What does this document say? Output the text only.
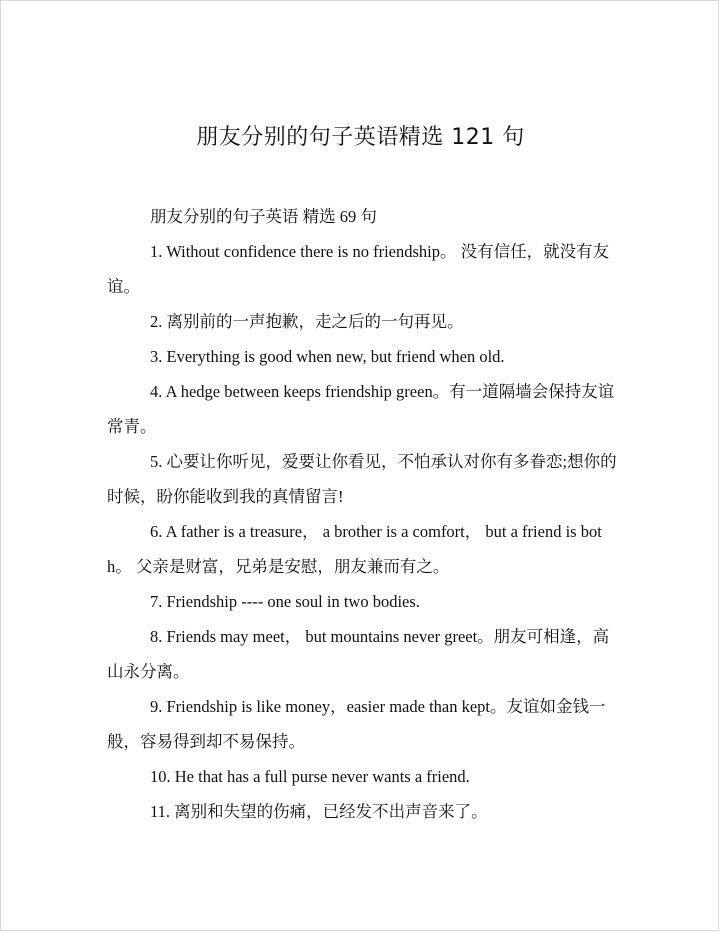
朋友分别的句子英语精选 121 句

朋友分别的句子英语 精选 69 句

1. Without confidence there is no friendship。 没有信任，就没有友谊。

2. 离别前的一声抱歉，走之后的一句再见。

3. Everything is good when new, but friend when old.

4. A hedge between keeps friendship green。有一道隔墙会保持友谊常青。

5. 心要让你听见，爱要让你看见，不怕承认对你有多眷恋;想你的时候，盼你能收到我的真情留言!

6. A father is a treasure， a brother is a comfort， but a friend is both。 父亲是财富，兄弟是安慰，朋友兼而有之。

7. Friendship ---- one soul in two bodies.

8. Friends may meet， but mountains never greet。朋友可相逢，高山永分离。

9. Friendship is like money，easier made than kept。友谊如金钱一般，容易得到却不易保持。

10. He that has a full purse never wants a friend.

11. 离别和失望的伤痛，已经发不出声音来了。
